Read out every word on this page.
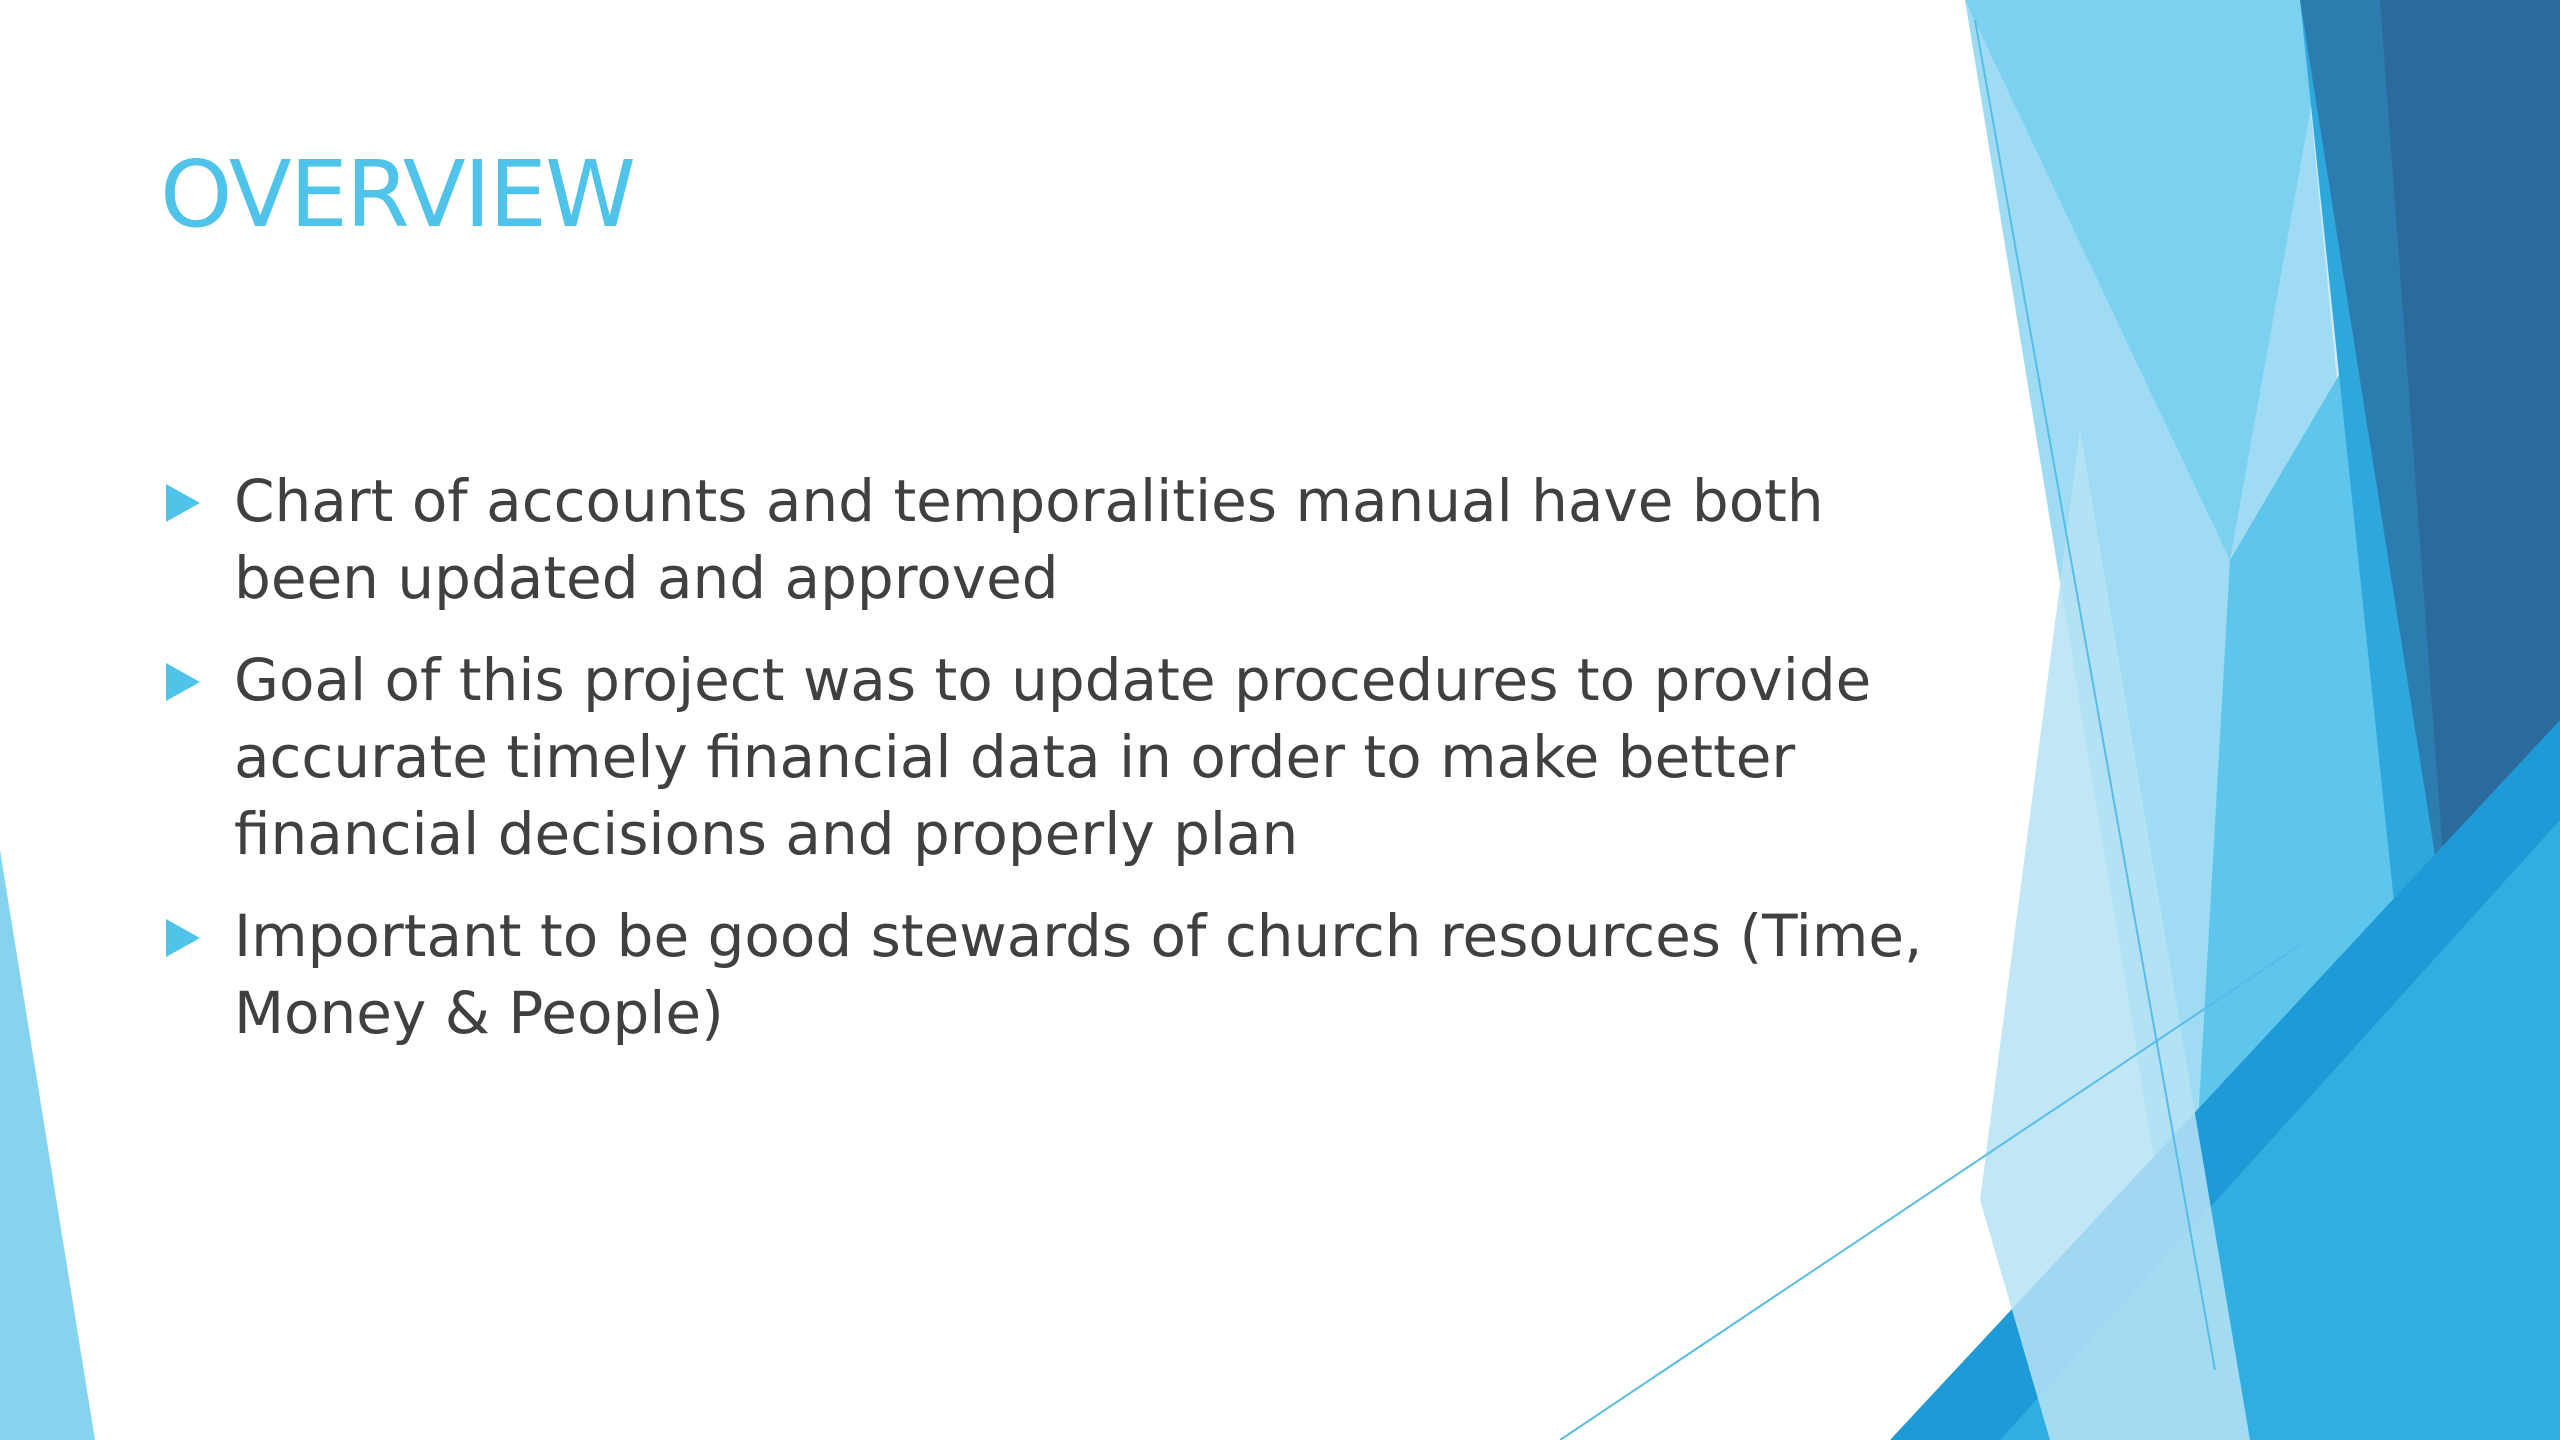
OVERVIEW
Chart of accounts and temporalities manual have both been updated and approved
Goal of this project was to update procedures to provide accurate timely financial data in order to make better financial decisions and properly plan
Important to be good stewards of church resources (Time, Money & People)
